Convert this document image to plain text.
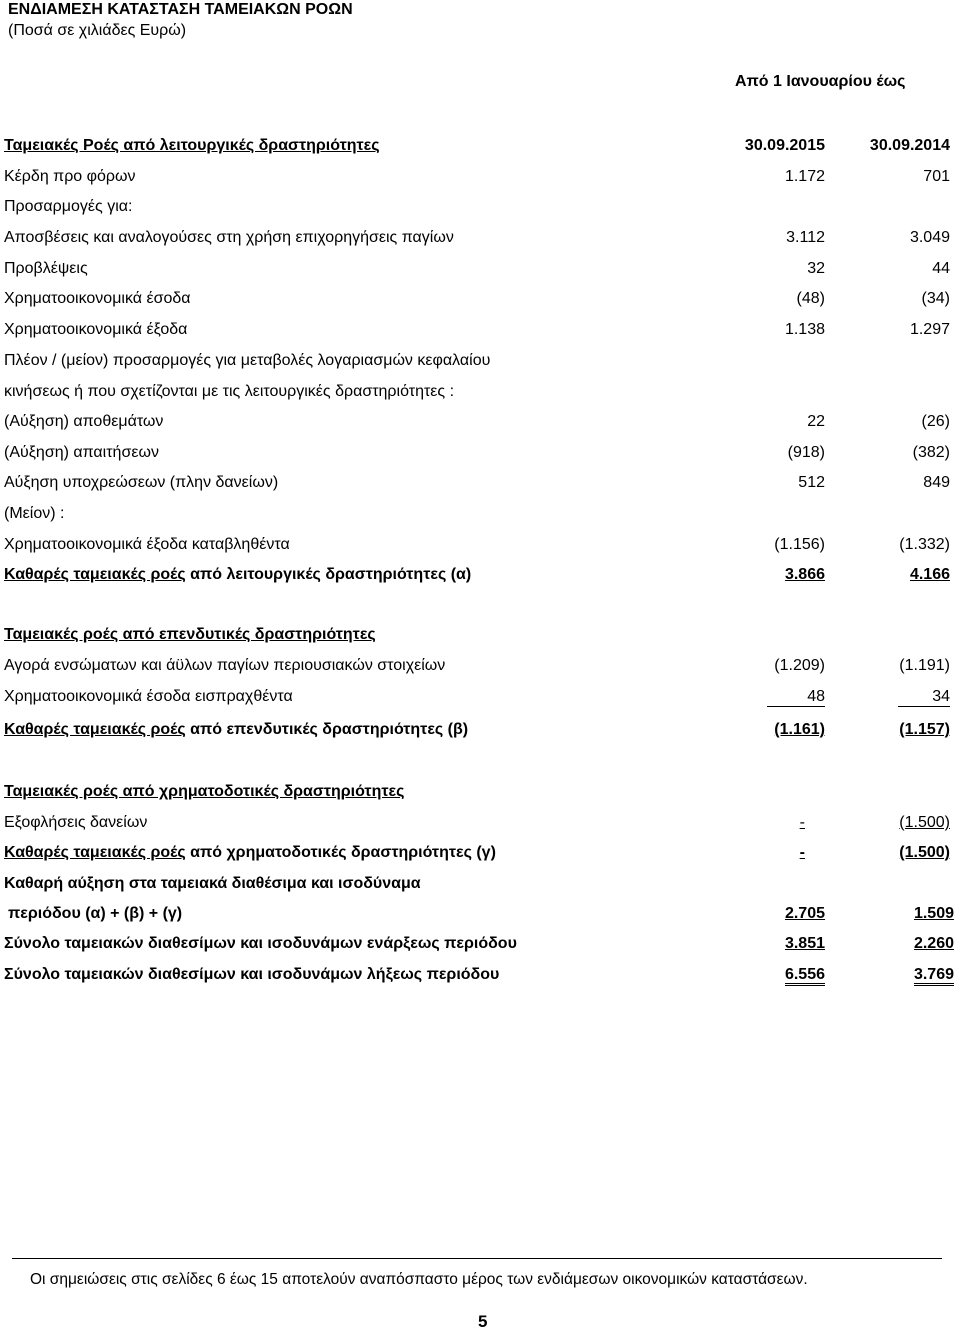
ΕΝΔΙΑΜΕΣΗ ΚΑΤΑΣΤΑΣΗ ΤΑΜΕΙΑΚΩΝ ΡΟΩΝ
(Ποσά σε χιλιάδες Ευρώ)
Από 1 Ιανουαρίου έως
Ταμειακές Ροές από λειτουργικές δραστηριότητες	30.09.2015	30.09.2014
Κέρδη προ φόρων	1.172	701
Προσαρμογές για:
Αποσβέσεις και αναλογούσες στη χρήση επιχορηγήσεις παγίων	3.112	3.049
Προβλέψεις	32	44
Χρηματοοικονομικά έσοδα	(48)	(34)
Χρηματοοικονομικά έξοδα	1.138	1.297
Πλέον / (μείον) προσαρμογές για μεταβολές λογαριασμών κεφαλαίου
κινήσεως ή που σχετίζονται με τις λειτουργικές δραστηριότητες :
(Αύξηση) αποθεμάτων	22	(26)
(Αύξηση) απαιτήσεων	(918)	(382)
Αύξηση υποχρεώσεων (πλην δανείων)	512	849
(Μείον) :
Χρηματοοικονομικά έξοδα καταβληθέντα	(1.156)	(1.332)
Καθαρές ταμειακές ροές από λειτουργικές δραστηριότητες (α)	3.866	4.166
Ταμειακές ροές από επενδυτικές δραστηριότητες
Αγορά ενσώματων και άϋλων παγίων περιουσιακών στοιχείων	(1.209)	(1.191)
Χρηματοοικονομικά έσοδα εισπραχθέντα	48	34
Καθαρές ταμειακές ροές από επενδυτικές δραστηριότητες (β)	(1.161)	(1.157)
Ταμειακές ροές από χρηματοδοτικές δραστηριότητες
Εξοφλήσεις δανείων	-	(1.500)
Καθαρές ταμειακές ροές από χρηματοδοτικές δραστηριότητες (γ)	-	(1.500)
Καθαρή αύξηση στα ταμειακά διαθέσιμα και ισοδύναμα
περιόδου (α) + (β) + (γ)	2.705	1.509
Σύνολο ταμειακών διαθεσίμων και ισοδυνάμων ενάρξεως περιόδου	3.851	2.260
Σύνολο ταμειακών διαθεσίμων και ισοδυνάμων λήξεως περιόδου	6.556	3.769
Οι σημειώσεις στις σελίδες 6 έως 15 αποτελούν αναπόσπαστο μέρος των ενδιάμεσων οικονομικών καταστάσεων.
5
